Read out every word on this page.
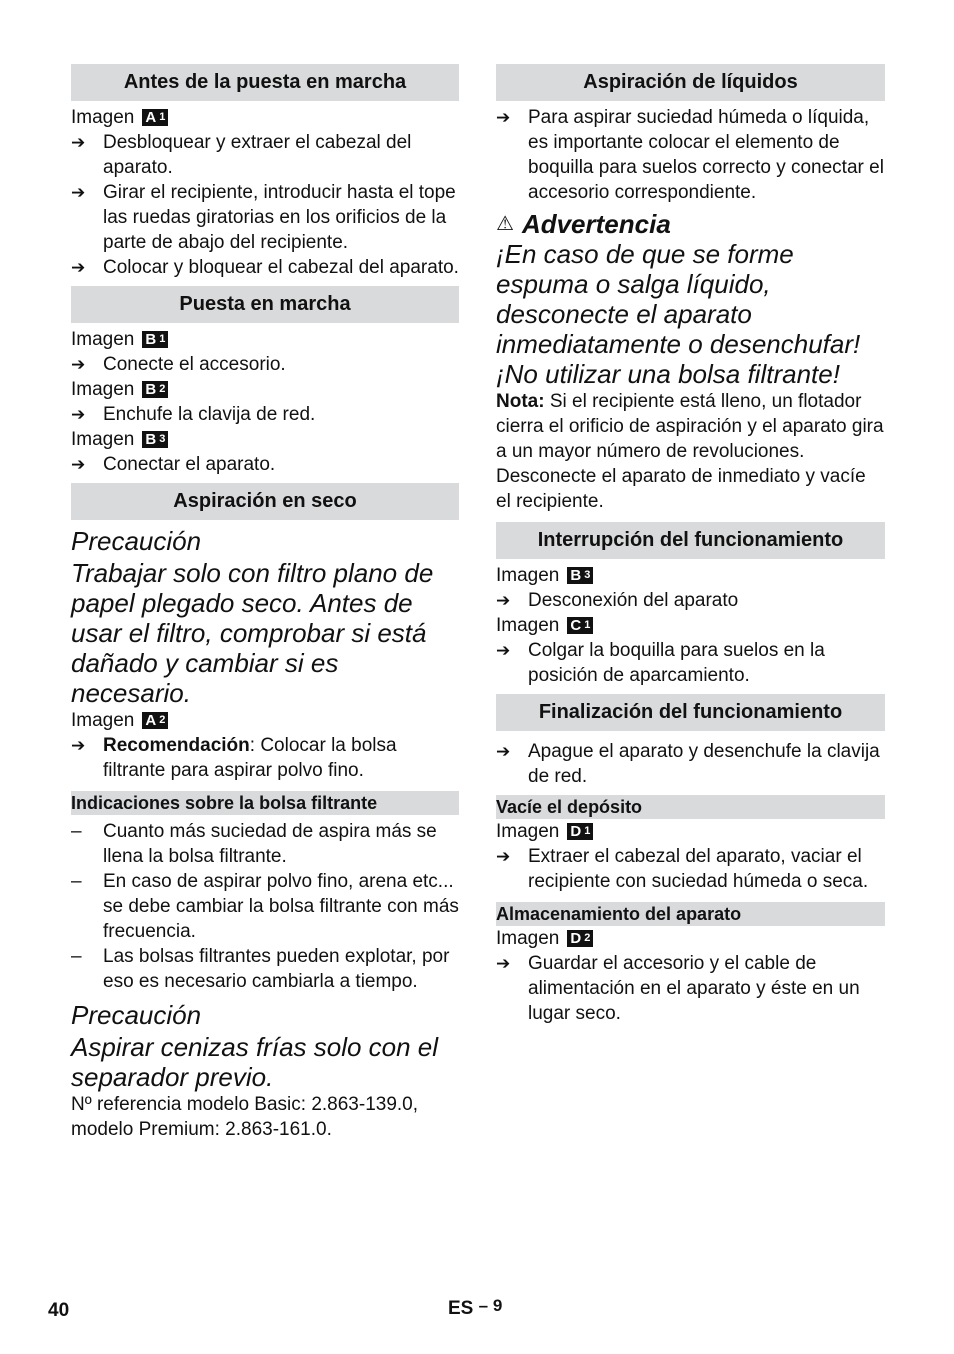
Antes de la puesta en marcha
Imagen A 1
➔ Desbloquear y extraer el cabezal del aparato.
➔ Girar el recipiente, introducir hasta el tope las ruedas giratorias en los orificios de la parte de abajo del recipiente.
➔ Colocar y bloquear el cabezal del aparato.
Puesta en marcha
Imagen B 1
➔ Conecte el accesorio.
Imagen B 2
➔ Enchufe la clavija de red.
Imagen B 3
➔ Conectar el aparato.
Aspiración en seco

Precaución

Trabajar solo con filtro plano de papel plegado seco. Antes de usar el filtro, comprobar si está dañado y cambiar si es necesario.

Imagen A 2
➔ Recomendación: Colocar la bolsa filtrante para aspirar polvo fino.
Indicaciones sobre la bolsa filtrante
–	Cuanto más suciedad de aspira más se llena la bolsa filtrante.
–	En caso de aspirar polvo fino, arena etc... se debe cambiar la bolsa filtrante con más frecuencia.
–	Las bolsas filtrantes pueden explotar, por eso es necesario cambiarla a tiempo.

Precaución

Aspirar cenizas frías solo con el separador previo.

Nº referencia modelo Basic: 2.863-139.0, modelo Premium: 2.863-161.0.

Aspiración de líquidos
➔ Para aspirar suciedad húmeda o líquida, es importante colocar el elemento de boquilla para suelos correcto y conectar el accesorio correspondiente.
⚠ Advertencia

¡En caso de que se forme espuma o salga líquido, desconecte el aparato inmediatamente o desenchufar!

¡No utilizar una bolsa filtrante!

Nota: Si el recipiente está lleno, un flotador cierra el orificio de aspiración y el aparato gira a un mayor número de revoluciones. Desconecte el aparato de inmediato y vacíe el recipiente.

Interrupción del funcionamiento
Imagen B 3
➔ Desconexión del aparato
Imagen C 1
➔ Colgar la boquilla para suelos en la posición de aparcamiento.
Finalización del funcionamiento
➔ Apague el aparato y desenchufe la clavija de red.
Vacíe el depósito
Imagen D 1
➔ Extraer el cabezal del aparato, vaciar el recipiente con suciedad húmeda o seca.
Almacenamiento del aparato
Imagen D 2
➔ Guardar el accesorio y el cable de alimentación en el aparato y éste en un lugar seco.
40	ES – 9
